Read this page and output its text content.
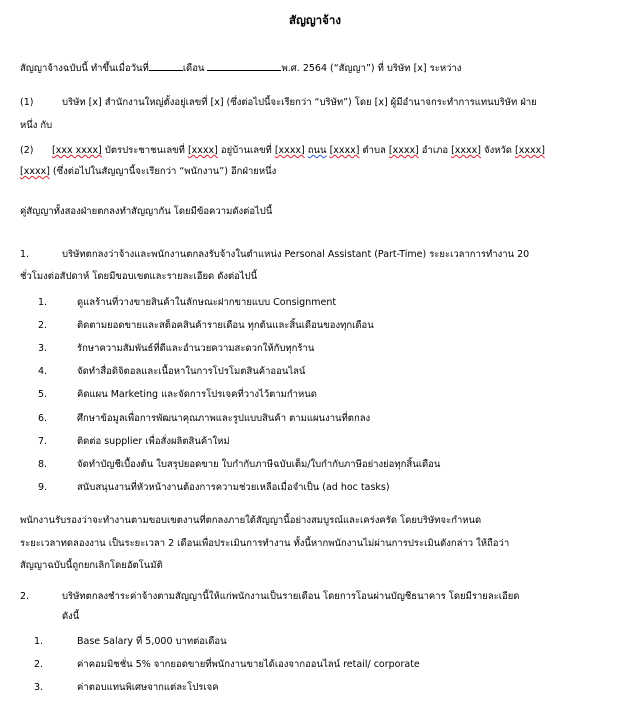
สัญญาจ้าง
สัญญาจ้างฉบับนี้ ทำขึ้นเมื่อวันที่	เดือน	พ.ศ. 2564 (“สัญญา”) ที่ บริษัท [x] ระหว่าง
(1)	บริษัท [x] สำนักงานใหญ่ตั้งอยู่เลขที่ [x] (ซึ่งต่อไปนี้จะเรียกว่า “บริษัท”) โดย [x] ผู้มีอำนาจกระทำการแทนบริษัท ฝ่าย
หนึ่ง กับ
(2) [xxx xxxx] บัตรประชาชนเลขที่ [xxxx] อยู่บ้านเลขที่ [xxxx] ถนน [xxxx] ตำบล [xxxx] อำเภอ [xxxx] จังหวัด [xxxx]
[xxxx] (ซึ่งต่อไปในสัญญานี้จะเรียกว่า “พนักงาน”) อีกฝ่ายหนึ่ง
คู่สัญญาทั้งสองฝ่ายตกลงทำสัญญากัน โดยมีข้อความดังต่อไปนี้
1.	บริษัทตกลงว่าจ้างและพนักงานตกลงรับจ้างในตำแหน่ง Personal Assistant (Part-Time) ระยะเวลาการทำงาน 20
ชั่วโมงต่อสัปดาห์ โดยมีขอบเขตและรายละเอียด ดังต่อไปนี้
1.	ดูแลร้านที่วางขายสินค้าในลักษณะฝากขายแบบ Consignment
2.	ติดตามยอดขายและสต็อคสินค้ารายเดือน ทุกต้นและสิ้นเดือนของทุกเดือน
3.	รักษาความสัมพันธ์ที่ดีและอำนวยความสะดวกให้กับทุกร้าน
4.	จัดทำสื่อดิจิตอลและเนื้อหาในการโปรโมตสินค้าออนไลน์
5.	คิดแผน Marketing และจัดการโปรเจคที่วางไว้ตามกำหนด
6.	ศึกษาข้อมูลเพื่อการพัฒนาคุณภาพและรูปแบบสินค้า ตามแผนงานที่ตกลง
7.	ติดต่อ supplier เพื่อสั่งผลิตสินค้าใหม่
8.	จัดทำบัญชีเบื้องต้น ใบสรุปยอดขาย ใบกำกับภาษีฉบับเต็ม/ใบกำกับภาษีอย่างย่อทุกสิ้นเดือน
9.	สนับสนุนงานที่หัวหน้างานต้องการความช่วยเหลือเมื่อจำเป็น (ad hoc tasks)
พนักงานรับรองว่าจะทำงานตามขอบเขตงานที่ตกลงภายใต้สัญญานี้อย่างสมบูรณ์และเคร่งครัด โดยบริษัทจะกำหนด
ระยะเวลาทดลองงาน เป็นระยะเวลา 2 เดือนเพื่อประเมินการทำงาน ทั้งนี้หากพนักงานไม่ผ่านการประเมินดังกล่าว ให้ถือว่า
สัญญาฉบับนี้ถูกยกเลิกโดยอัตโนมัติ
2.	บริษัทตกลงชำระค่าจ้างตามสัญญานี้ให้แก่พนักงานเป็นรายเดือน โดยการโอนผ่านบัญชีธนาคาร โดยมีรายละเอียด
ดังนี้
1.	Base Salary ที่ 5,000 บาทต่อเดือน
2.	ค่าคอมมิชชั่น 5% จากยอดขายที่พนักงานขายได้เองจากออนไลน์ retail/ corporate
3.	ค่าตอบแทนพิเศษจากแต่ละโปรเจค
